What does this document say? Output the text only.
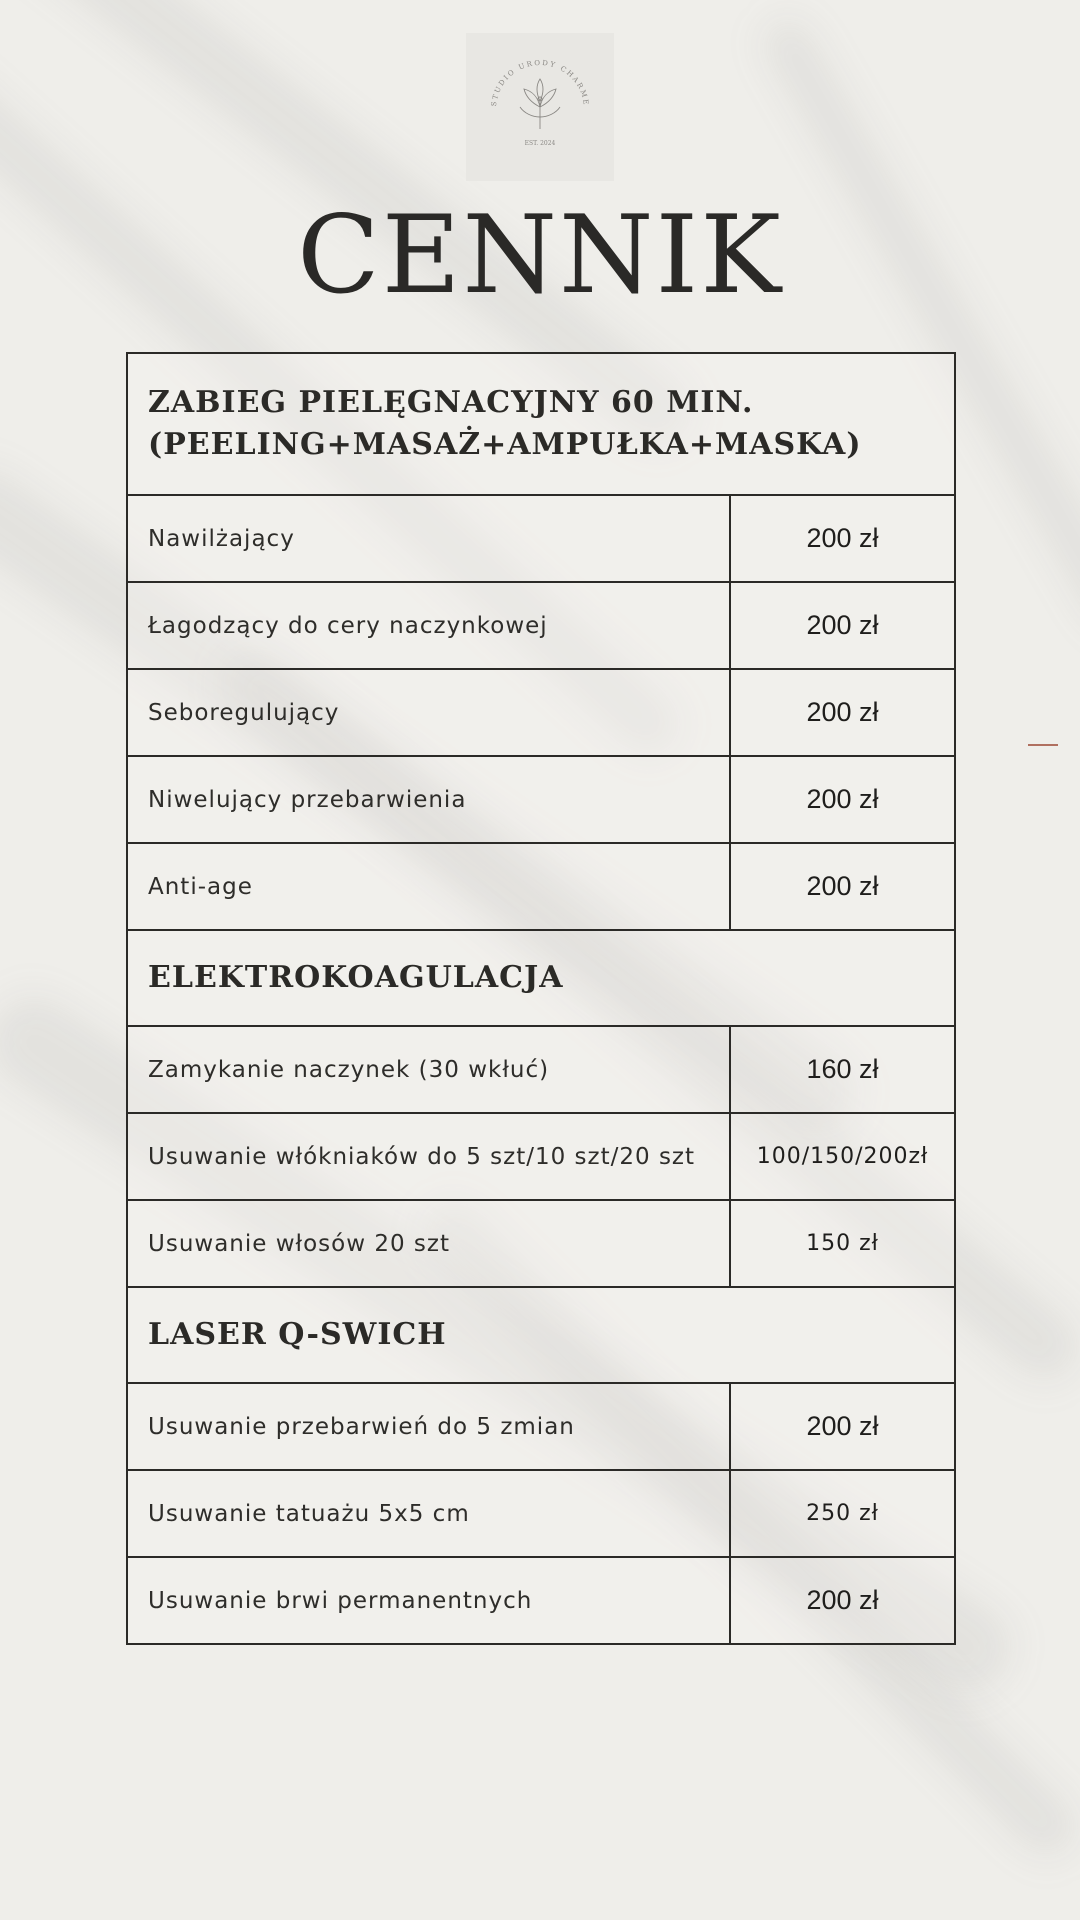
STUDIO URODY CHARME
EST. 2024
CENNIK
ZABIEG PIELĘGNACYJNY 60 MIN.
(PEELING+MASAŻ+AMPUŁKA+MASKA)	

Nawilżający	200 zł
Łagodzący do cery naczynkowej	200 zł
Seboregulujący	200 zł
Niwelujący przebarwienia	200 zł
Anti-age	200 zł

ELEKTROKOAGULACJA	

Zamykanie naczynek (30 wkłuć)	160 zł
Usuwanie włókniaków do 5 szt/10 szt/20 szt	100/150/200zł
Usuwanie włosów 20 szt	150 zł

LASER Q-SWICH	

Usuwanie przebarwień do 5 zmian	200 zł
Usuwanie tatuażu 5x5 cm	250 zł
Usuwanie brwi permanentnych	200 zł
